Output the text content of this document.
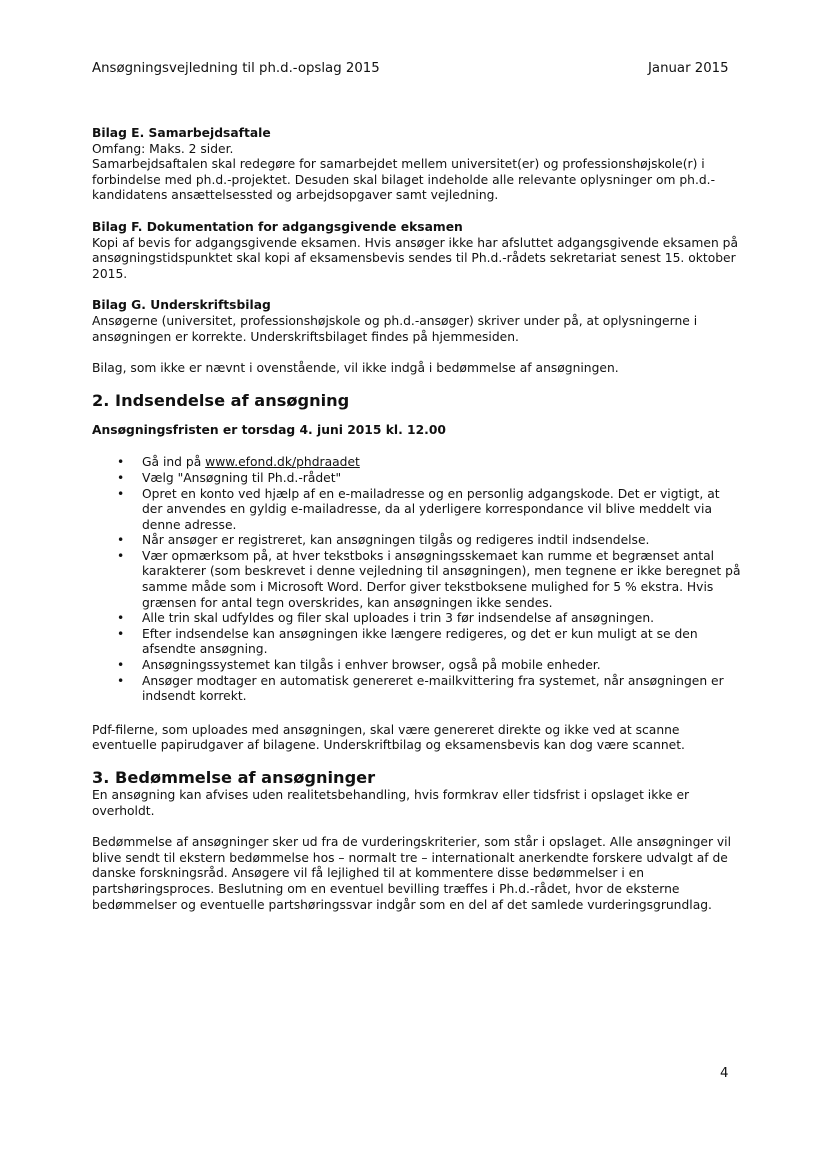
Ansøgningsvejledning til ph.d.-opslag 2015	Januar 2015
Bilag E. Samarbejdsaftale
Omfang: Maks. 2 sider.
Samarbejdsaftalen skal redegøre for samarbejdet mellem universitet(er) og professionshøjskole(r) i forbindelse med ph.d.-projektet. Desuden skal bilaget indeholde alle relevante oplysninger om ph.d.-kandidatens ansættelsessted og arbejdsopgaver samt vejledning.
Bilag F. Dokumentation for adgangsgivende eksamen
Kopi af bevis for adgangsgivende eksamen. Hvis ansøger ikke har afsluttet adgangsgivende eksamen på ansøgningstidspunktet skal kopi af eksamensbevis sendes til Ph.d.-rådets sekretariat senest 15. oktober 2015.
Bilag G. Underskriftsbilag
Ansøgerne (universitet, professionshøjskole og ph.d.-ansøger) skriver under på, at oplysningerne i ansøgningen er korrekte. Underskriftsbilaget findes på hjemmesiden.
Bilag, som ikke er nævnt i ovenstående, vil ikke indgå i bedømmelse af ansøgningen.
2. Indsendelse af ansøgning
Ansøgningsfristen er torsdag 4. juni 2015 kl. 12.00
• Gå ind på www.efond.dk/phdraadet
• Vælg "Ansøgning til Ph.d.-rådet"
• Opret en konto ved hjælp af en e-mailadresse og en personlig adgangskode. Det er vigtigt, at der anvendes en gyldig e-mailadresse, da al yderligere korrespondance vil blive meddelt via denne adresse.
• Når ansøger er registreret, kan ansøgningen tilgås og redigeres indtil indsendelse.
• Vær opmærksom på, at hver tekstboks i ansøgningsskemaet kan rumme et begrænset antal karakterer (som beskrevet i denne vejledning til ansøgningen), men tegnene er ikke beregnet på samme måde som i Microsoft Word. Derfor giver tekstboksene mulighed for 5 % ekstra. Hvis grænsen for antal tegn overskrides, kan ansøgningen ikke sendes.
• Alle trin skal udfyldes og filer skal uploades i trin 3 før indsendelse af ansøgningen.
• Efter indsendelse kan ansøgningen ikke længere redigeres, og det er kun muligt at se den afsendte ansøgning.
• Ansøgningssystemet kan tilgås i enhver browser, også på mobile enheder.
• Ansøger modtager en automatisk genereret e-mailkvittering fra systemet, når ansøgningen er indsendt korrekt.
Pdf-filerne, som uploades med ansøgningen, skal være genereret direkte og ikke ved at scanne eventuelle papirudgaver af bilagene. Underskriftbilag og eksamensbevis kan dog være scannet.
3. Bedømmelse af ansøgninger
En ansøgning kan afvises uden realitetsbehandling, hvis formkrav eller tidsfrist i opslaget ikke er overholdt.
Bedømmelse af ansøgninger sker ud fra de vurderingskriterier, som står i opslaget. Alle ansøgninger vil blive sendt til ekstern bedømmelse hos – normalt tre – internationalt anerkendte forskere udvalgt af de danske forskningsråd. Ansøgere vil få lejlighed til at kommentere disse bedømmelser i en partshøringsproces. Beslutning om en eventuel bevilling træffes i Ph.d.-rådet, hvor de eksterne bedømmelser og eventuelle partshøringssvar indgår som en del af det samlede vurderingsgrundlag.
4
